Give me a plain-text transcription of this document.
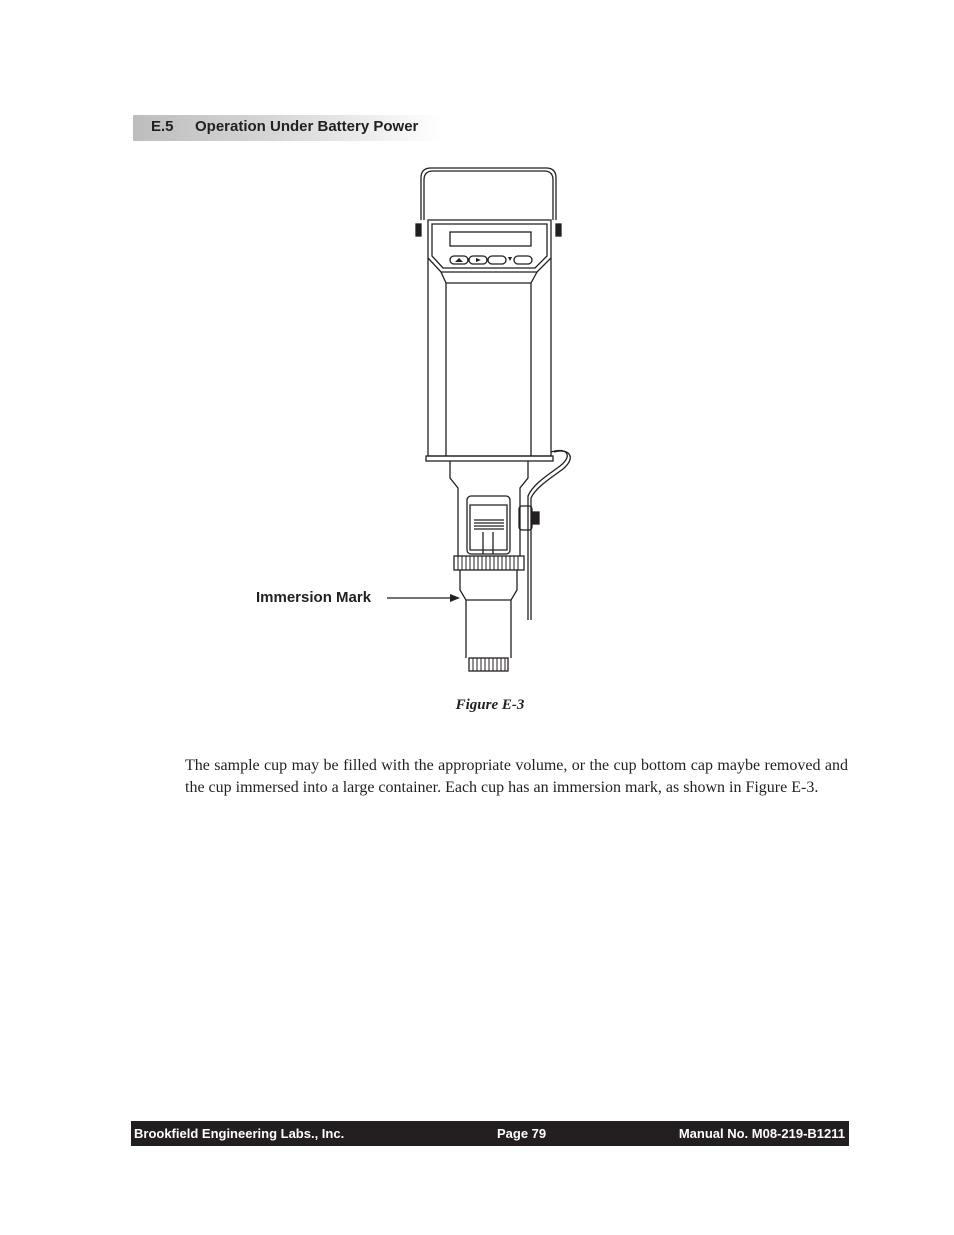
E.5 Operation Under Battery Power
Immersion Mark
Figure E-3
The sample cup may be filled with the appropriate volume, or the cup bottom cap maybe removed and the cup immersed into a large container. Each cup has an immersion mark, as shown in Figure E-3.
Brookfield Engineering Labs., Inc.	Page 79	Manual No. M08-219-B1211
